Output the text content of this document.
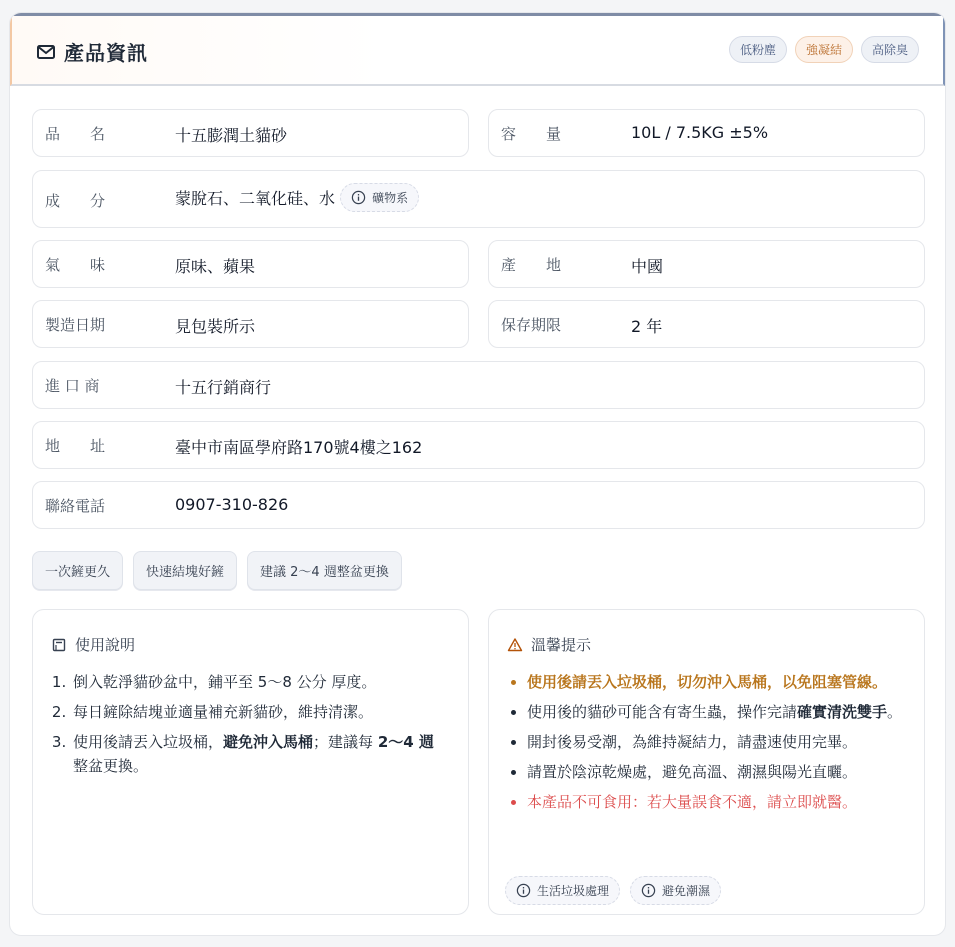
產品資訊	低粉塵	強凝結	高除臭
品　　名	十五膨潤土貓砂	容　　量	10L / 7.5KG ±5%
成　　分	蒙脫石、二氧化硅、水	礦物系
氣　　味	原味、蘋果	產　　地	中國
製造日期	見包裝所示	保存期限	2 年
進 口 商	十五行銷商行
地　　址	臺中市南區學府路170號4樓之162
聯絡電話	0907-310-826
一次鏟更久	快速結塊好鏟	建議 2～4 週整盆更換
使用說明
1. 倒入乾淨貓砂盆中，鋪平至 5～8 公分 厚度。
2. 每日鏟除結塊並適量補充新貓砂，維持清潔。
3. 使用後請丟入垃圾桶，避免沖入馬桶；建議每 2～4 週 整盆更換。
溫馨提示
• 使用後請丟入垃圾桶，切勿沖入馬桶，以免阻塞管線。
• 使用後的貓砂可能含有寄生蟲，操作完請確實清洗雙手。
• 開封後易受潮，為維持凝結力，請盡速使用完畢。
• 請置於陰涼乾燥處，避免高溫、潮濕與陽光直曬。
• 本產品不可食用：若大量誤食不適，請立即就醫。
生活垃圾處理	避免潮濕
